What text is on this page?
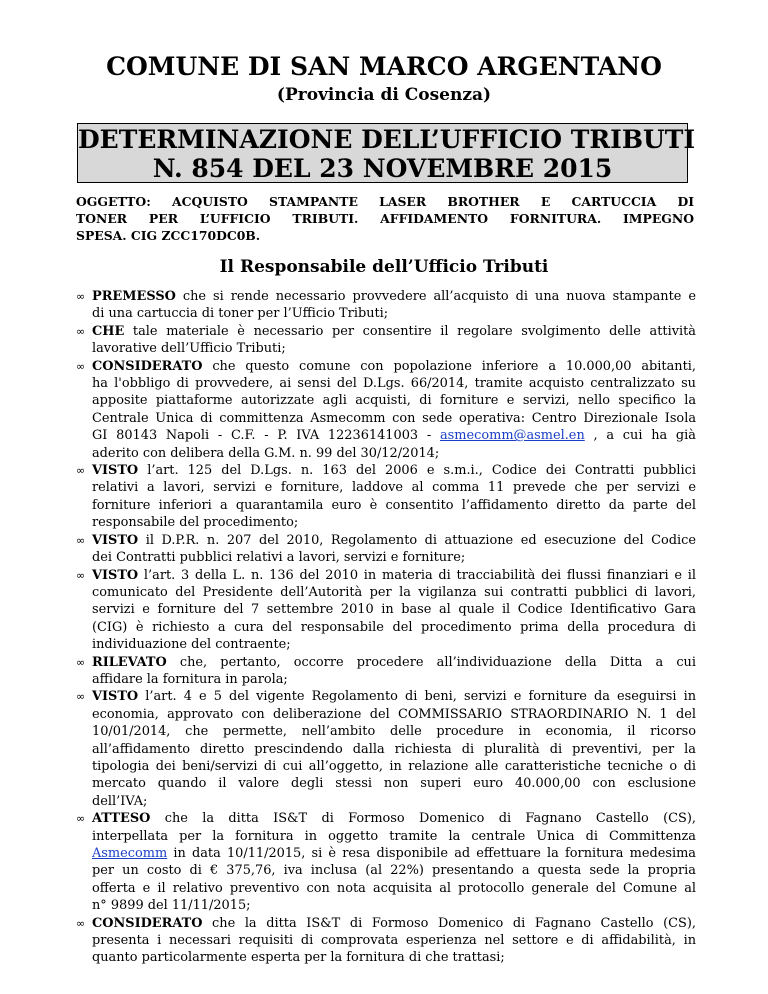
COMUNE DI SAN MARCO ARGENTANO
(Provincia di Cosenza)
DETERMINAZIONE DELL’UFFICIO TRIBUTI
N. 854 DEL 23 NOVEMBRE 2015
OGGETTO: ACQUISTO STAMPANTE LASER BROTHER E CARTUCCIA DI
TONER PER L’UFFICIO TRIBUTI. AFFIDAMENTO FORNITURA. IMPEGNO
SPESA. CIG ZCC170DC0B.
Il Responsabile dell’Ufficio Tributi
∞ PREMESSO che si rende necessario provvedere all’acquisto di una nuova stampante e
di una cartuccia di toner per l’Ufficio Tributi;
∞ CHE tale materiale è necessario per consentire il regolare svolgimento delle attività
lavorative dell’Ufficio Tributi;
∞ CONSIDERATO che questo comune con popolazione inferiore a 10.000,00 abitanti,
ha l'obbligo di provvedere, ai sensi del D.Lgs. 66/2014, tramite acquisto centralizzato su
apposite piattaforme autorizzate agli acquisti, di forniture e servizi, nello specifico la
Centrale Unica di committenza Asmecomm con sede operativa: Centro Direzionale Isola
GI 80143 Napoli - C.F. - P. IVA 12236141003 - asmecomm@asmel.en , a cui ha già
aderito con delibera della G.M. n. 99 del 30/12/2014;
∞ VISTO l’art. 125 del D.Lgs. n. 163 del 2006 e s.m.i., Codice dei Contratti pubblici
relativi a lavori, servizi e forniture, laddove al comma 11 prevede che per servizi e
forniture inferiori a quarantamila euro è consentito l’affidamento diretto da parte del
responsabile del procedimento;
∞ VISTO il D.P.R. n. 207 del 2010, Regolamento di attuazione ed esecuzione del Codice
dei Contratti pubblici relativi a lavori, servizi e forniture;
∞ VISTO l’art. 3 della L. n. 136 del 2010 in materia di tracciabilità dei flussi finanziari e il
comunicato del Presidente dell’Autorità per la vigilanza sui contratti pubblici di lavori,
servizi e forniture del 7 settembre 2010 in base al quale il Codice Identificativo Gara
(CIG) è richiesto a cura del responsabile del procedimento prima della procedura di
individuazione del contraente;
∞ RILEVATO che, pertanto, occorre procedere all’individuazione della Ditta a cui
affidare la fornitura in parola;
∞ VISTO l’art. 4 e 5 del vigente Regolamento di beni, servizi e forniture da eseguirsi in
economia, approvato con deliberazione del COMMISSARIO STRAORDINARIO N. 1 del
10/01/2014, che permette, nell’ambito delle procedure in economia, il ricorso
all’affidamento diretto prescindendo dalla richiesta di pluralità di preventivi, per la
tipologia dei beni/servizi di cui all’oggetto, in relazione alle caratteristiche tecniche o di
mercato quando il valore degli stessi non superi euro 40.000,00 con esclusione
dell’IVA;
∞ ATTESO che la ditta IS&T di Formoso Domenico di Fagnano Castello (CS),
interpellata per la fornitura in oggetto tramite la centrale Unica di Committenza
Asmecomm in data 10/11/2015, si è resa disponibile ad effettuare la fornitura medesima
per un costo di € 375,76, iva inclusa (al 22%) presentando a questa sede la propria
offerta e il relativo preventivo con nota acquisita al protocollo generale del Comune al
n° 9899 del 11/11/2015;
∞ CONSIDERATO che la ditta IS&T di Formoso Domenico di Fagnano Castello (CS),
presenta i necessari requisiti di comprovata esperienza nel settore e di affidabilità, in
quanto particolarmente esperta per la fornitura di che trattasi;
